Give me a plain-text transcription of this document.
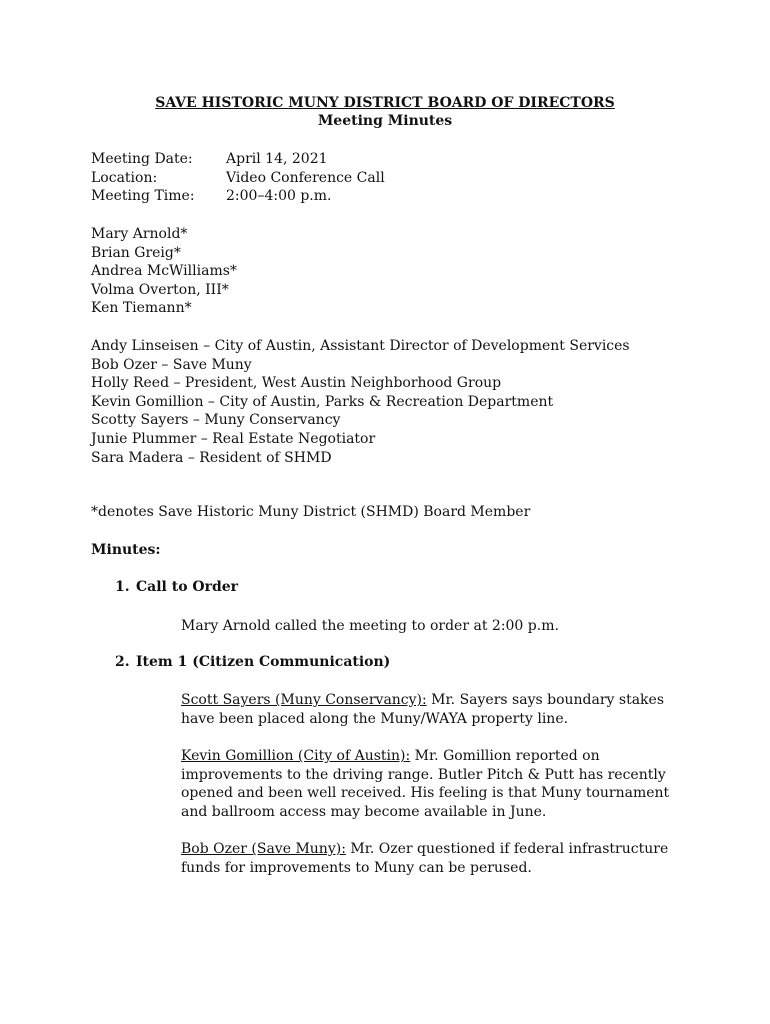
SAVE HISTORIC MUNY DISTRICT BOARD OF DIRECTORS
Meeting Minutes
Meeting Date:	April 14, 2021
Location:	Video Conference Call
Meeting Time:	2:00–4:00 p.m.
Mary Arnold*
Brian Greig*
Andrea McWilliams*
Volma Overton, III*
Ken Tiemann*
Andy Linseisen – City of Austin, Assistant Director of Development Services
Bob Ozer – Save Muny
Holly Reed – President, West Austin Neighborhood Group
Kevin Gomillion – City of Austin, Parks & Recreation Department
Scotty Sayers – Muny Conservancy
Junie Plummer – Real Estate Negotiator
Sara Madera – Resident of SHMD
*denotes Save Historic Muny District (SHMD) Board Member
Minutes:
1. Call to Order
Mary Arnold called the meeting to order at 2:00 p.m.
2. Item 1 (Citizen Communication)
Scott Sayers (Muny Conservancy): Mr. Sayers says boundary stakes have been placed along the Muny/WAYA property line.
Kevin Gomillion (City of Austin): Mr. Gomillion reported on improvements to the driving range. Butler Pitch & Putt has recently opened and been well received. His feeling is that Muny tournament and ballroom access may become available in June.
Bob Ozer (Save Muny): Mr. Ozer questioned if federal infrastructure funds for improvements to Muny can be perused.
